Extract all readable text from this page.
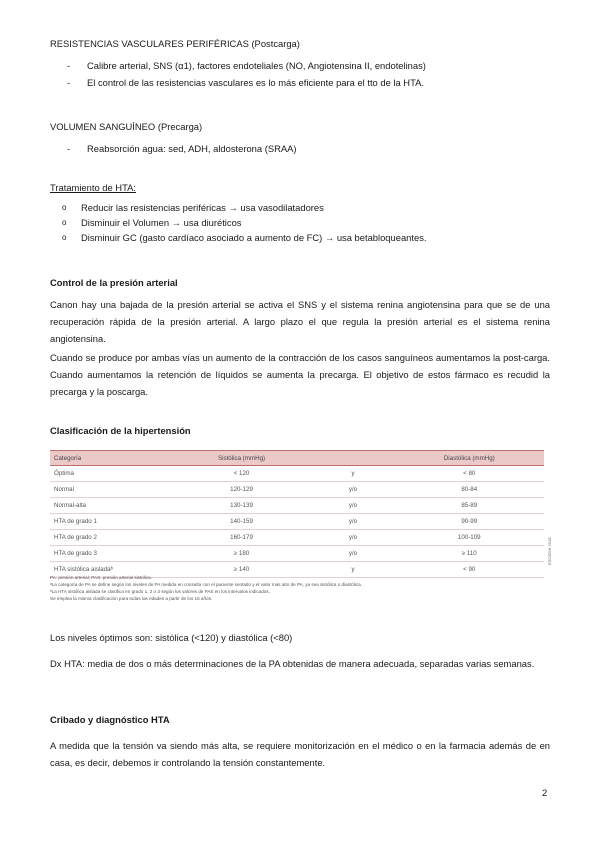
RESISTENCIAS VASCULARES PERIFÉRICAS (Postcarga)

- Calibre arterial, SNS (α1), factores endoteliales (NO, Angiotensina II, endotelinas)
- El control de las resistencias vasculares es lo más eficiente para el tto de la HTA.

VOLUMEN SANGUÍNEO (Precarga)

- Reabsorción agua: sed, ADH, aldosterona (SRAA)

Tratamiento de HTA:

o Reducir las resistencias periféricas → usa vasodilatadores
o Disminuir el Volumen → usa diuréticos
o Disminuir GC (gasto cardíaco asociado a aumento de FC) → usa betabloqueantes.

Control de la presión arterial

Canon hay una bajada de la presión arterial se activa el SNS y el sistema renina angiotensina para que se de una recuperación rápida de la presión arterial. A largo plazo el que regula la presión arterial es el sistema renina angiotensina.

Cuando se produce por ambas vías un aumento de la contracción de los casos sanguíneos aumentamos la post-carga. Cuando aumentamos la retención de líquidos se aumenta la precarga. El objetivo de estos fármaco es recudid la precarga y la poscarga.

Clasificación de la hipertensión

Categoría	Sistólica (mmHg)		Diastólica (mmHg)
Óptima	< 120	y	< 80
Normal	120-129	y/o	80-84
Normal-alta	130-139	y/o	85-89
HTA de grado 1	140-159	y/o	90-99
HTA de grado 2	160-179	y/o	100-109
HTA de grado 3	≥ 180	y/o	≥ 110
HTA sistólica aisladaᵇ	≥ 140	y	< 90
ESC/ESH 2018
PA: presión arterial; PAS: presión arterial sistólica.
ᵃLa categoría de PA se define según los niveles de PA medida en consulta con el paciente sentado y el valor más alto de PA, ya sea sistólica o diastólica.
ᵇLa HTA sistólica aislada se clasifica en grado 1, 2 o 3 según los valores de PAS en los intervalos indicados.
Se emplea la misma clasificación para todas las edades a partir de los 16 años.

Los niveles óptimos son: sistólica (<120) y diastólica (<80)

Dx HTA: media de dos o más determinaciones de la PA obtenidas de manera adecuada, separadas varias semanas.

Cribado y diagnóstico HTA

A medida que la tensión va siendo más alta, se requiere monitorización en el médico o en la farmacia además de en casa, es decir, debemos ir controlando la tensión constantemente.

2
